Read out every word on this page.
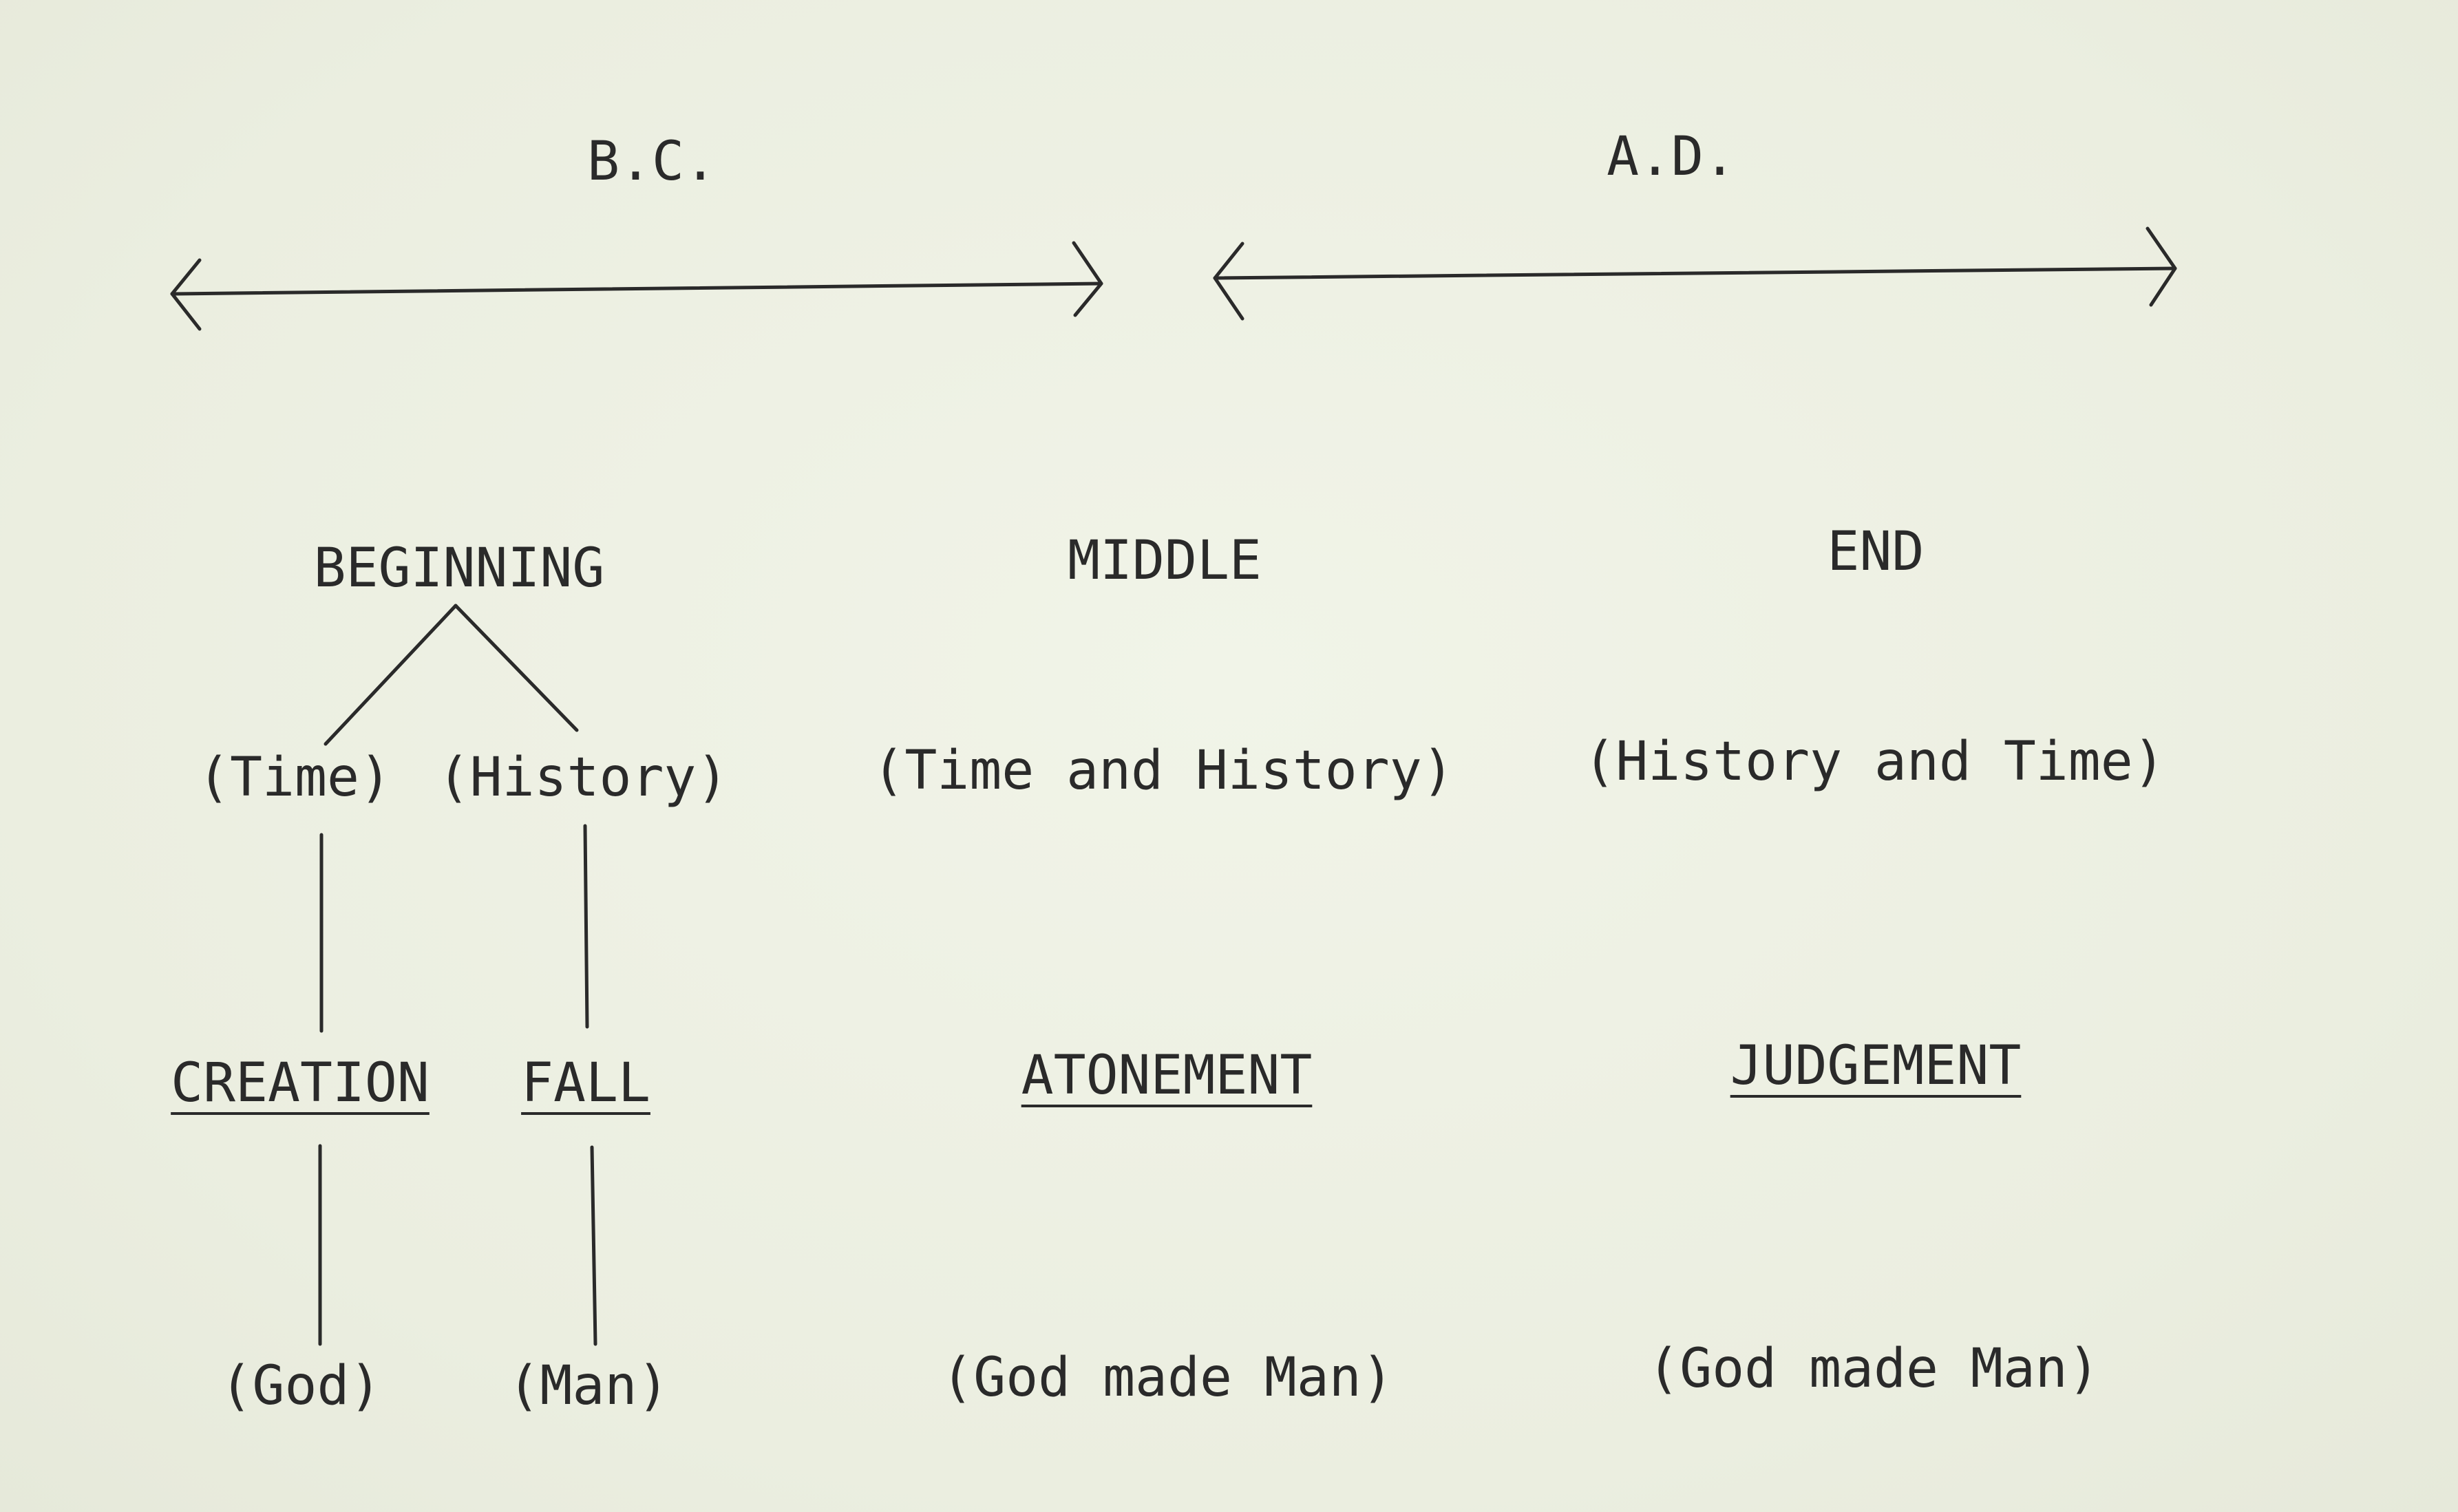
B.C.	A.D.
BEGINNING	MIDDLE	END
(Time) (History)	(Time and History) (History and Time)
CREATION FALL	ATONEMENT	JUDGEMENT
(God) (Man)	(God made Man)	(God made Man)
